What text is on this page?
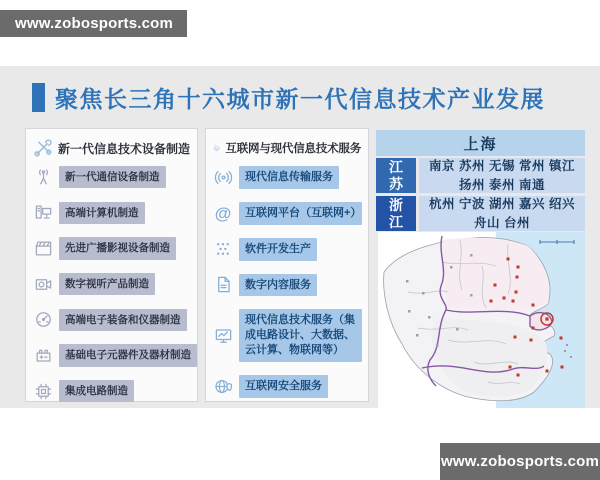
www.zobosports.com
聚焦长三角十六城市新一代信息技术产业发展
新一代信息技术设备制造
新一代通信设备制造
高端计算机制造
先进广播影视设备制造
数字视听产品制造
高端电子装备和仪器制造
基础电子元器件及器材制造
集成电路制造
互联网与现代信息技术服务
现代信息传输服务
@	互联网平台（互联网+）
软件开发生产
数字内容服务
现代信息技术服务（集成电路设计、大数据、云计算、物联网等）
互联网安全服务
上海
江苏
南京 苏州 无锡 常州 镇江 扬州 泰州 南通
浙江
杭州 宁波 湖州 嘉兴 绍兴 舟山 台州
www.zobosports.com
